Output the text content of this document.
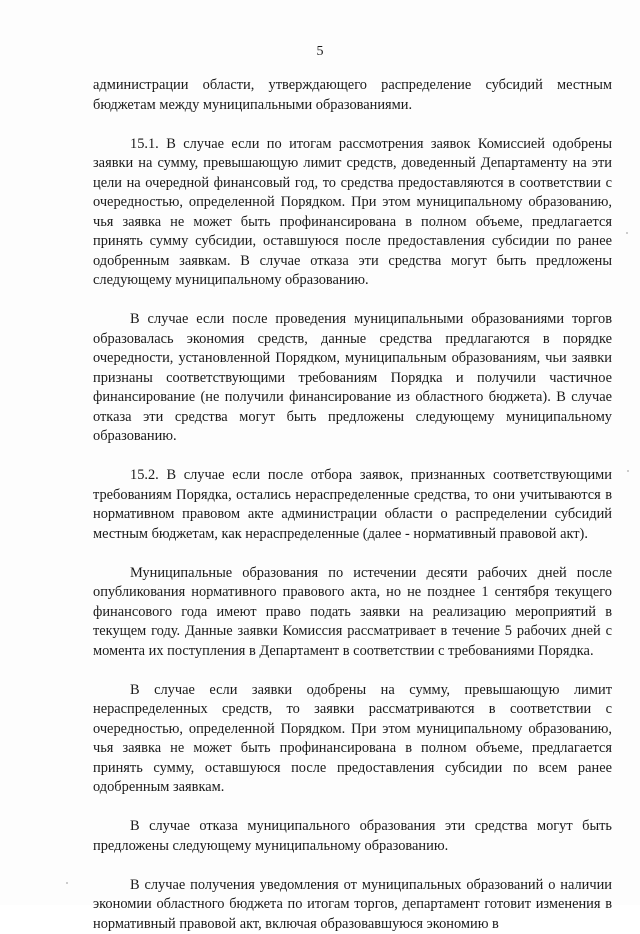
5

администрации области, утверждающего распределение субсидий местным бюджетам между муниципальными образованиями.

15.1. В случае если по итогам рассмотрения заявок Комиссией одобрены заявки на сумму, превышающую лимит средств, доведенный Департаменту на эти цели на очередной финансовый год, то средства предоставляются в соответствии с очередностью, определенной Порядком. При этом муниципальному образованию, чья заявка не может быть профинансирована в полном объеме, предлагается принять сумму субсидии, оставшуюся после предоставления субсидии по ранее одобренным заявкам. В случае отказа эти средства могут быть предложены следующему муниципальному образованию.

В случае если после проведения муниципальными образованиями торгов образовалась экономия средств, данные средства предлагаются в порядке очередности, установленной Порядком, муниципальным образованиям, чьи заявки признаны соответствующими требованиям Порядка и получили частичное финансирование (не получили финансирование из областного бюджета). В случае отказа эти средства могут быть предложены следующему муниципальному образованию.

15.2. В случае если после отбора заявок, признанных соответствующими требованиям Порядка, остались нераспределенные средства, то они учитываются в нормативном правовом акте администрации области о распределении субсидий местным бюджетам, как нераспределенные (далее - нормативный правовой акт).

Муниципальные образования по истечении десяти рабочих дней после опубликования нормативного правового акта, но не позднее 1 сентября текущего финансового года имеют право подать заявки на реализацию мероприятий в текущем году. Данные заявки Комиссия рассматривает в течение 5 рабочих дней с момента их поступления в Департамент в соответствии с требованиями Порядка.

В случае если заявки одобрены на сумму, превышающую лимит нераспределенных средств, то заявки рассматриваются в соответствии с очередностью, определенной Порядком. При этом муниципальному образованию, чья заявка не может быть профинансирована в полном объеме, предлагается принять сумму, оставшуюся после предоставления субсидии по всем ранее одобренным заявкам.

В случае отказа муниципального образования эти средства могут быть предложены следующему муниципальному образованию.

В случае получения уведомления от муниципальных образований о наличии экономии областного бюджета по итогам торгов, департамент готовит изменения в нормативный правовой акт, включая образовавшуюся экономию в
